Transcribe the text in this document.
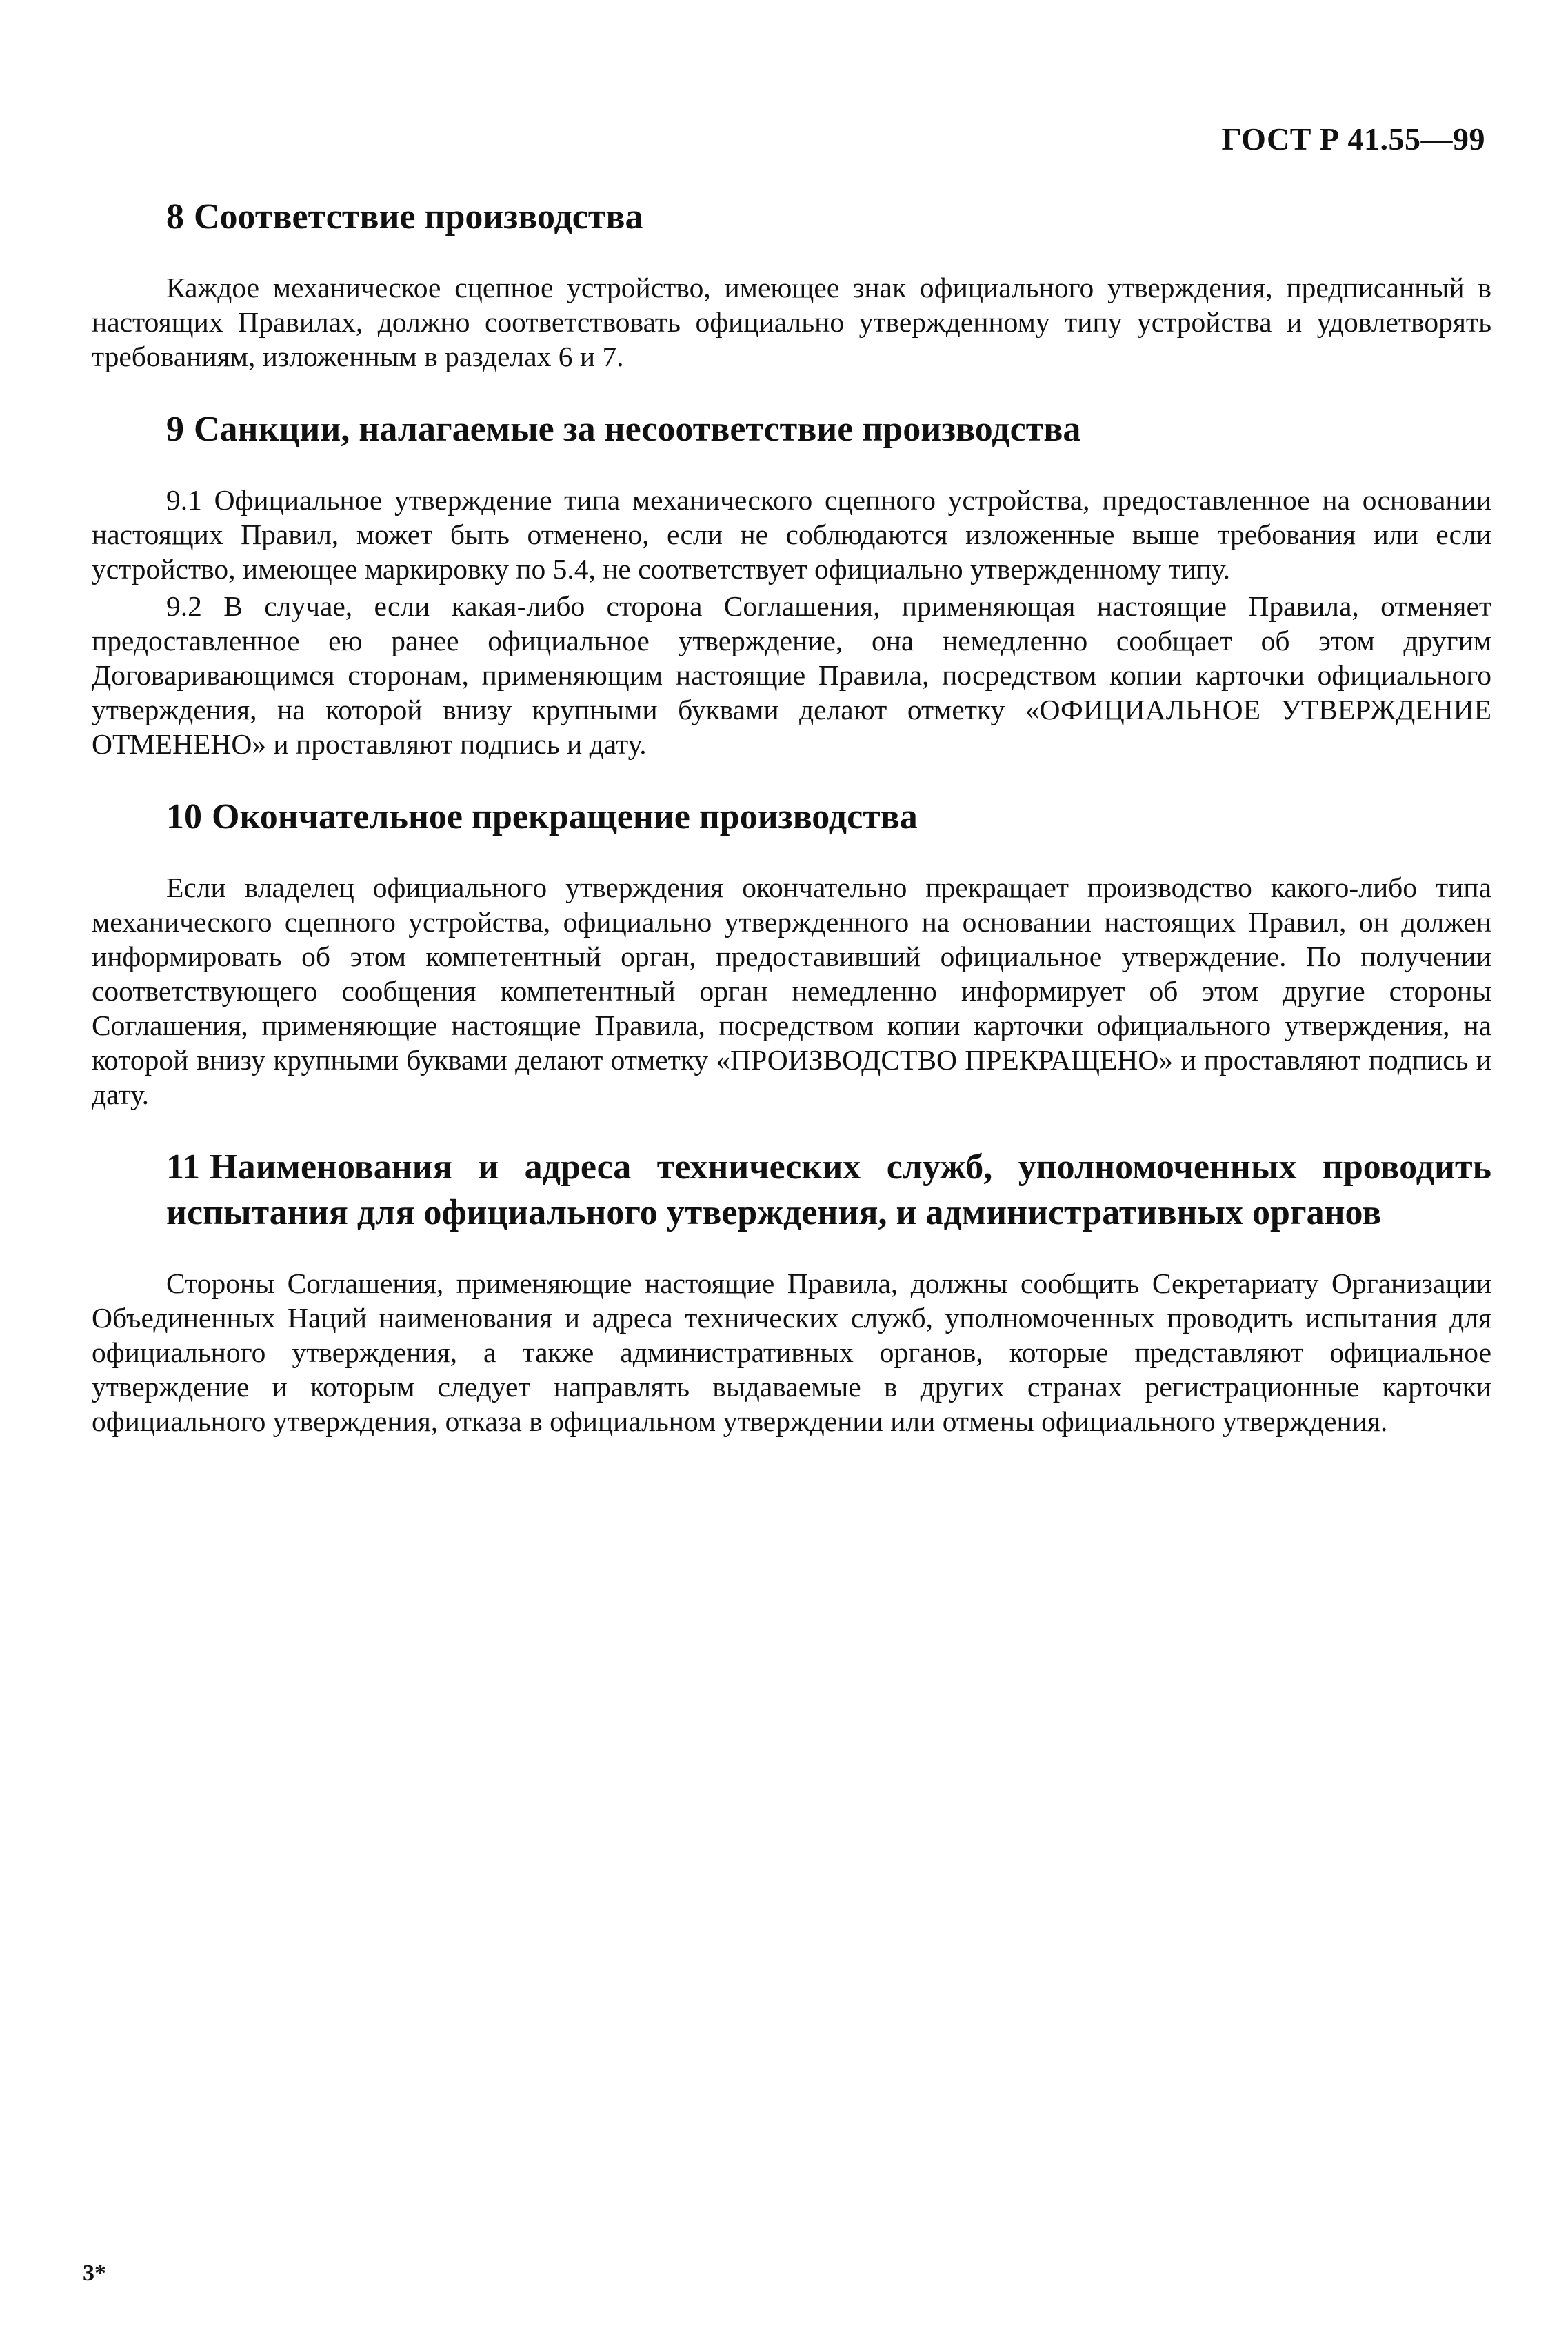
ГОСТ Р 41.55—99
8 Соответствие производства

Каждое механическое сцепное устройство, имеющее знак официального утверждения, предписанный в настоящих Правилах, должно соответствовать официально утвержденному типу устройства и удовлетворять требованиям, изложенным в разделах 6 и 7.

9 Санкции, налагаемые за несоответствие производства

9.1 Официальное утверждение типа механического сцепного устройства, предоставленное на основании настоящих Правил, может быть отменено, если не соблюдаются изложенные выше требования или если устройство, имеющее маркировку по 5.4, не соответствует официально утвержденному типу.

9.2 В случае, если какая-либо сторона Соглашения, применяющая настоящие Правила, отменяет предоставленное ею ранее официальное утверждение, она немедленно сообщает об этом другим Договаривающимся сторонам, применяющим настоящие Правила, посредством копии карточки официального утверждения, на которой внизу крупными буквами делают отметку «ОФИЦИАЛЬНОЕ УТВЕРЖДЕНИЕ ОТМЕНЕНО» и проставляют подпись и дату.

10 Окончательное прекращение производства

Если владелец официального утверждения окончательно прекращает производство какого-либо типа механического сцепного устройства, официально утвержденного на основании настоящих Правил, он должен информировать об этом компетентный орган, предоставивший официальное утверждение. По получении соответствующего сообщения компетентный орган немедленно информирует об этом другие стороны Соглашения, применяющие настоящие Правила, посредством копии карточки официального утверждения, на которой внизу крупными буквами делают отметку «ПРОИЗВОДСТВО ПРЕКРАЩЕНО» и проставляют подпись и дату.

11 Наименования и адреса технических служб, уполномоченных проводить испытания для официального утверждения, и административных органов

Стороны Соглашения, применяющие настоящие Правила, должны сообщить Секретариату Организации Объединенных Наций наименования и адреса технических служб, уполномоченных проводить испытания для официального утверждения, а также административных органов, которые представляют официальное утверждение и которым следует направлять выдаваемые в других странах регистрационные карточки официального утверждения, отказа в официальном утверждении или отмены официального утверждения.

3*
